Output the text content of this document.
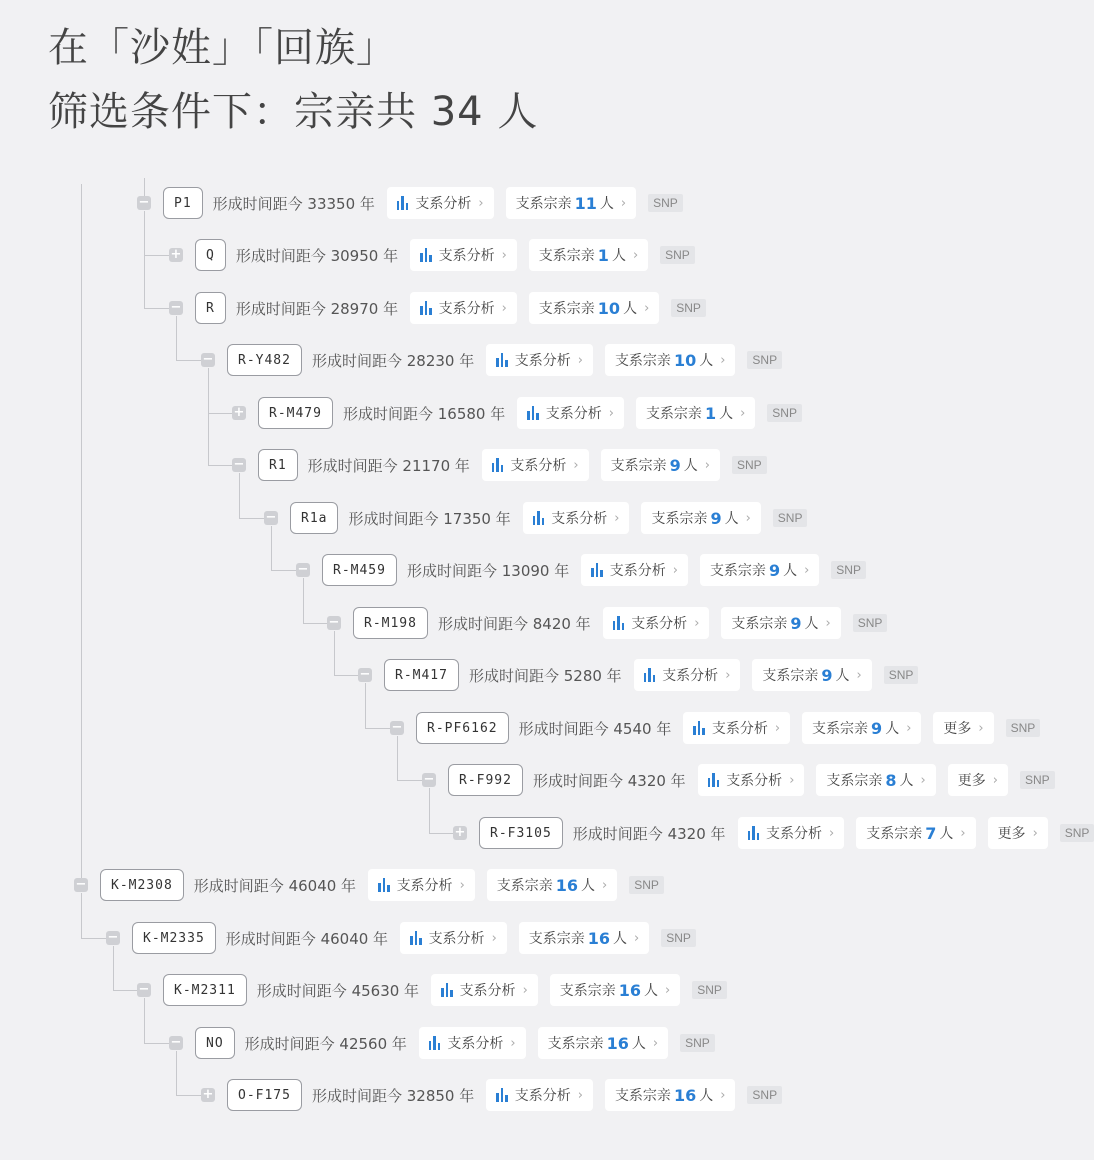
在「沙姓」「回族」
筛选条件下：宗亲共 34 人
−	P1	形成时间距今 33350 年	支系分析 › 支系宗亲 11 人 ›	SNP
+	Q	形成时间距今 30950 年	支系分析 › 支系宗亲 1 人 ›	SNP
−	R	形成时间距今 28970 年	支系分析 › 支系宗亲 10 人 ›	SNP
−	R-Y482	形成时间距今 28230 年	支系分析 › 支系宗亲 10 人 ›	SNP
+	R-M479	形成时间距今 16580 年	支系分析 › 支系宗亲 1 人 ›	SNP
−	R1	形成时间距今 21170 年	支系分析 › 支系宗亲 9 人 ›	SNP
−	R1a	形成时间距今 17350 年	支系分析 › 支系宗亲 9 人 ›	SNP
−	R-M459	形成时间距今 13090 年	支系分析 › 支系宗亲 9 人 ›	SNP
−	R-M198	形成时间距今 8420 年	支系分析 › 支系宗亲 9 人 ›	SNP
−	R-M417	形成时间距今 5280 年	支系分析 › 支系宗亲 9 人 ›	SNP
−	R-PF6162	形成时间距今 4540 年	支系分析 › 支系宗亲 9 人 › 更多 ›	SNP
−	R-F992	形成时间距今 4320 年	支系分析 › 支系宗亲 8 人 › 更多 ›	SNP
+	R-F3105	形成时间距今 4320 年	支系分析 › 支系宗亲 7 人 › 更多 ›	SNP
−	K-M2308	形成时间距今 46040 年	支系分析 › 支系宗亲 16 人 ›	SNP
−	K-M2335	形成时间距今 46040 年	支系分析 › 支系宗亲 16 人 ›	SNP
−	K-M2311	形成时间距今 45630 年	支系分析 › 支系宗亲 16 人 ›	SNP
−	NO	形成时间距今 42560 年	支系分析 › 支系宗亲 16 人 ›	SNP
+	O-F175	形成时间距今 32850 年	支系分析 › 支系宗亲 16 人 ›	SNP
